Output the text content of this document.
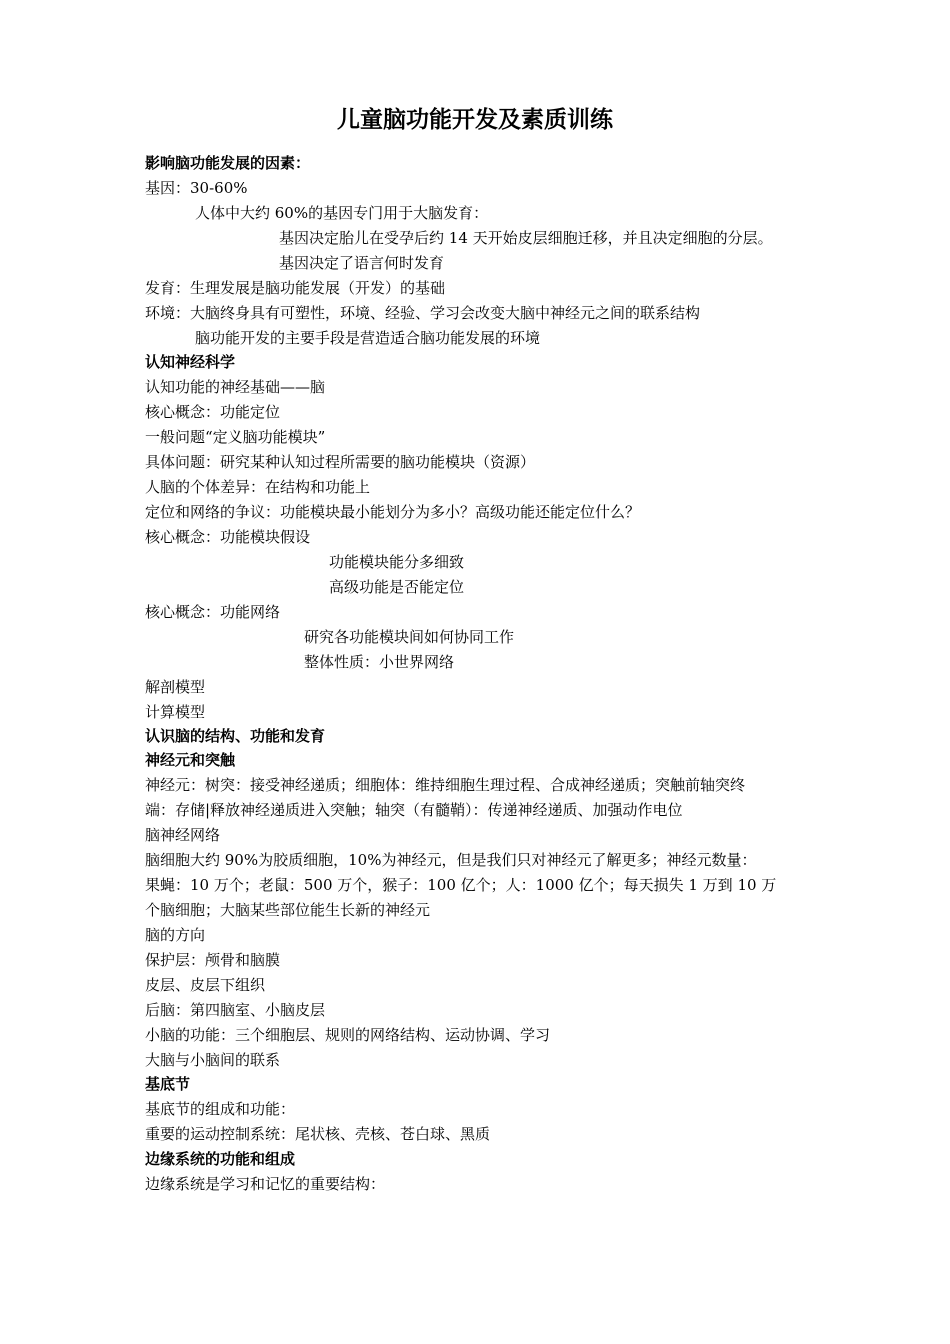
儿童脑功能开发及素质训练
影响脑功能发展的因素：
基因：30-60%
人体中大约 60%的基因专门用于大脑发育：
基因决定胎儿在受孕后约 14 天开始皮层细胞迁移，并且决定细胞的分层。
基因决定了语言何时发育
发育：生理发展是脑功能发展（开发）的基础
环境：大脑终身具有可塑性，环境、经验、学习会改变大脑中神经元之间的联系结构
脑功能开发的主要手段是营造适合脑功能发展的环境
认知神经科学
认知功能的神经基础——脑
核心概念：功能定位
一般问题“定义脑功能模块”
具体问题：研究某种认知过程所需要的脑功能模块（资源）
人脑的个体差异：在结构和功能上
定位和网络的争议：功能模块最小能划分为多小？高级功能还能定位什么？
核心概念：功能模块假设
功能模块能分多细致
高级功能是否能定位
核心概念：功能网络
研究各功能模块间如何协同工作
整体性质：小世界网络
解剖模型
计算模型
认识脑的结构、功能和发育
神经元和突触
神经元：树突：接受神经递质；细胞体：维持细胞生理过程、合成神经递质；突触前轴突终
端：存储|释放神经递质进入突触；轴突（有髓鞘）：传递神经递质、加强动作电位
脑神经网络
脑细胞大约 90%为胶质细胞，10%为神经元，但是我们只对神经元了解更多；神经元数量：
果蝇：10 万个；老鼠：500 万个，猴子：100 亿个；人：1000 亿个；每天损失 1 万到 10 万
个脑细胞；大脑某些部位能生长新的神经元
脑的方向
保护层：颅骨和脑膜
皮层、皮层下组织
后脑：第四脑室、小脑皮层
小脑的功能：三个细胞层、规则的网络结构、运动协调、学习
大脑与小脑间的联系
基底节
基底节的组成和功能：
重要的运动控制系统：尾状核、壳核、苍白球、黑质
边缘系统的功能和组成
边缘系统是学习和记忆的重要结构：
